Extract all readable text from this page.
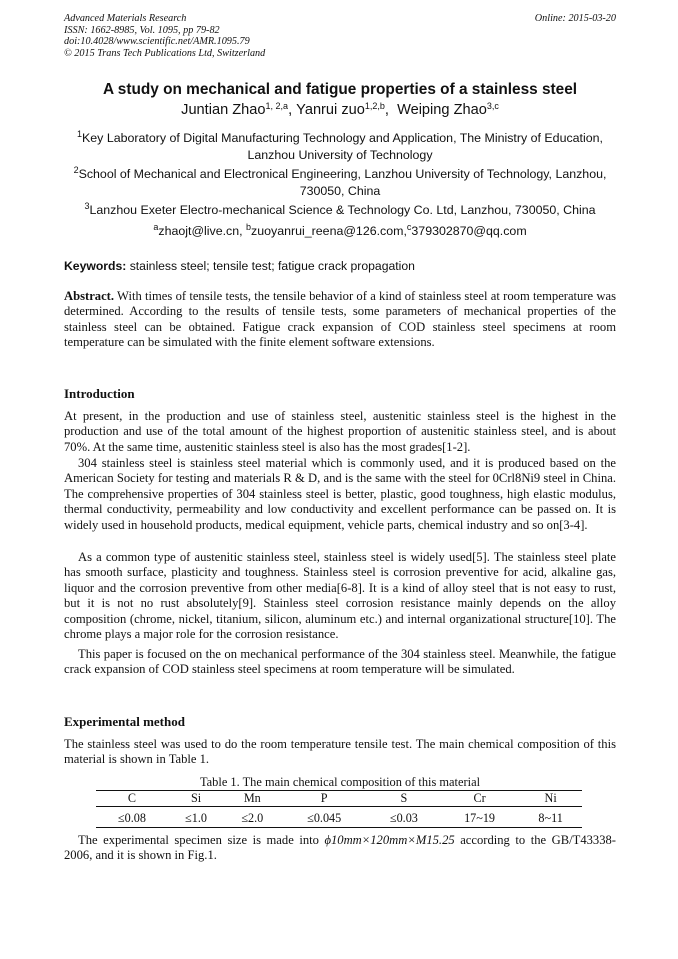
Advanced Materials Research
ISSN: 1662-8985, Vol. 1095, pp 79-82
doi:10.4028/www.scientific.net/AMR.1095.79
© 2015 Trans Tech Publications Ltd, Switzerland
Online: 2015-03-20
A study on mechanical and fatigue properties of a stainless steel
Juntian Zhao$^{1, 2,a}$, Yanrui zuo$^{1,2,b}$,  Weiping Zhao$^{3,c}$
$^1$Key Laboratory of Digital Manufacturing Technology and Application, The Ministry of Education, Lanzhou University of Technology
$^2$School of Mechanical and Electronical Engineering, Lanzhou University of Technology, Lanzhou, 730050, China
$^3$Lanzhou Exeter Electro-mechanical Science & Technology Co. Ltd, Lanzhou, 730050, China
$^a$zhaojt@live.cn, $^b$zuoyanrui_reena@126.com,$^c$379302870@qq.com
Keywords: stainless steel; tensile test; fatigue crack propagation
Abstract. With times of tensile tests, the tensile behavior of a kind of stainless steel at room temperature was determined. According to the results of tensile tests, some parameters of mechanical properties of the stainless steel can be obtained. Fatigue crack expansion of COD stainless steel specimens at room temperature can be simulated with the finite element software extensions.
Introduction
At present, in the production and use of stainless steel, austenitic stainless steel is the highest in the production and use of the total amount of the highest proportion of austenitic stainless steel, and is about 70%. At the same time, austenitic stainless steel is also has the most grades[1-2].
304 stainless steel is stainless steel material which is commonly used, and it is produced based on the American Society for testing and materials R & D, and is the same with the steel for 0Crl8Ni9 steel in China. The comprehensive properties of 304 stainless steel is better, plastic, good toughness, high elastic modulus, thermal conductivity, permeability and low conductivity and excellent performance can be passed on. It is widely used in household products, medical equipment, vehicle parts, chemical industry and so on[3-4].
As a common type of austenitic stainless steel, stainless steel is widely used[5]. The stainless steel plate has smooth surface, plasticity and toughness. Stainless steel is corrosion preventive for acid, alkaline gas, liquor and the corrosion preventive from other media[6-8]. It is a kind of alloy steel that is not easy to rust, but it is not no rust absolutely[9]. Stainless steel corrosion resistance mainly depends on the alloy composition (chrome, nickel, titanium, silicon, aluminum etc.) and internal organizational structure[10]. The chrome plays a major role for the corrosion resistance.
This paper is focused on the on mechanical performance of the 304 stainless steel. Meanwhile, the fatigue crack expansion of COD stainless steel specimens at room temperature will be simulated.
Experimental method
The stainless steel was used to do the room temperature tensile test. The main chemical composition of this material is shown in Table 1.
Table 1. The main chemical composition of this material
C	Si	Mn	P	S	Cr	Ni
≤0.08	≤1.0	≤2.0	≤0.045	≤0.03	17~19	8~11
The experimental specimen size is made into ϕ10mm×120mm×M15.25 according to the GB/T43338-2006, and it is shown in Fig.1.
